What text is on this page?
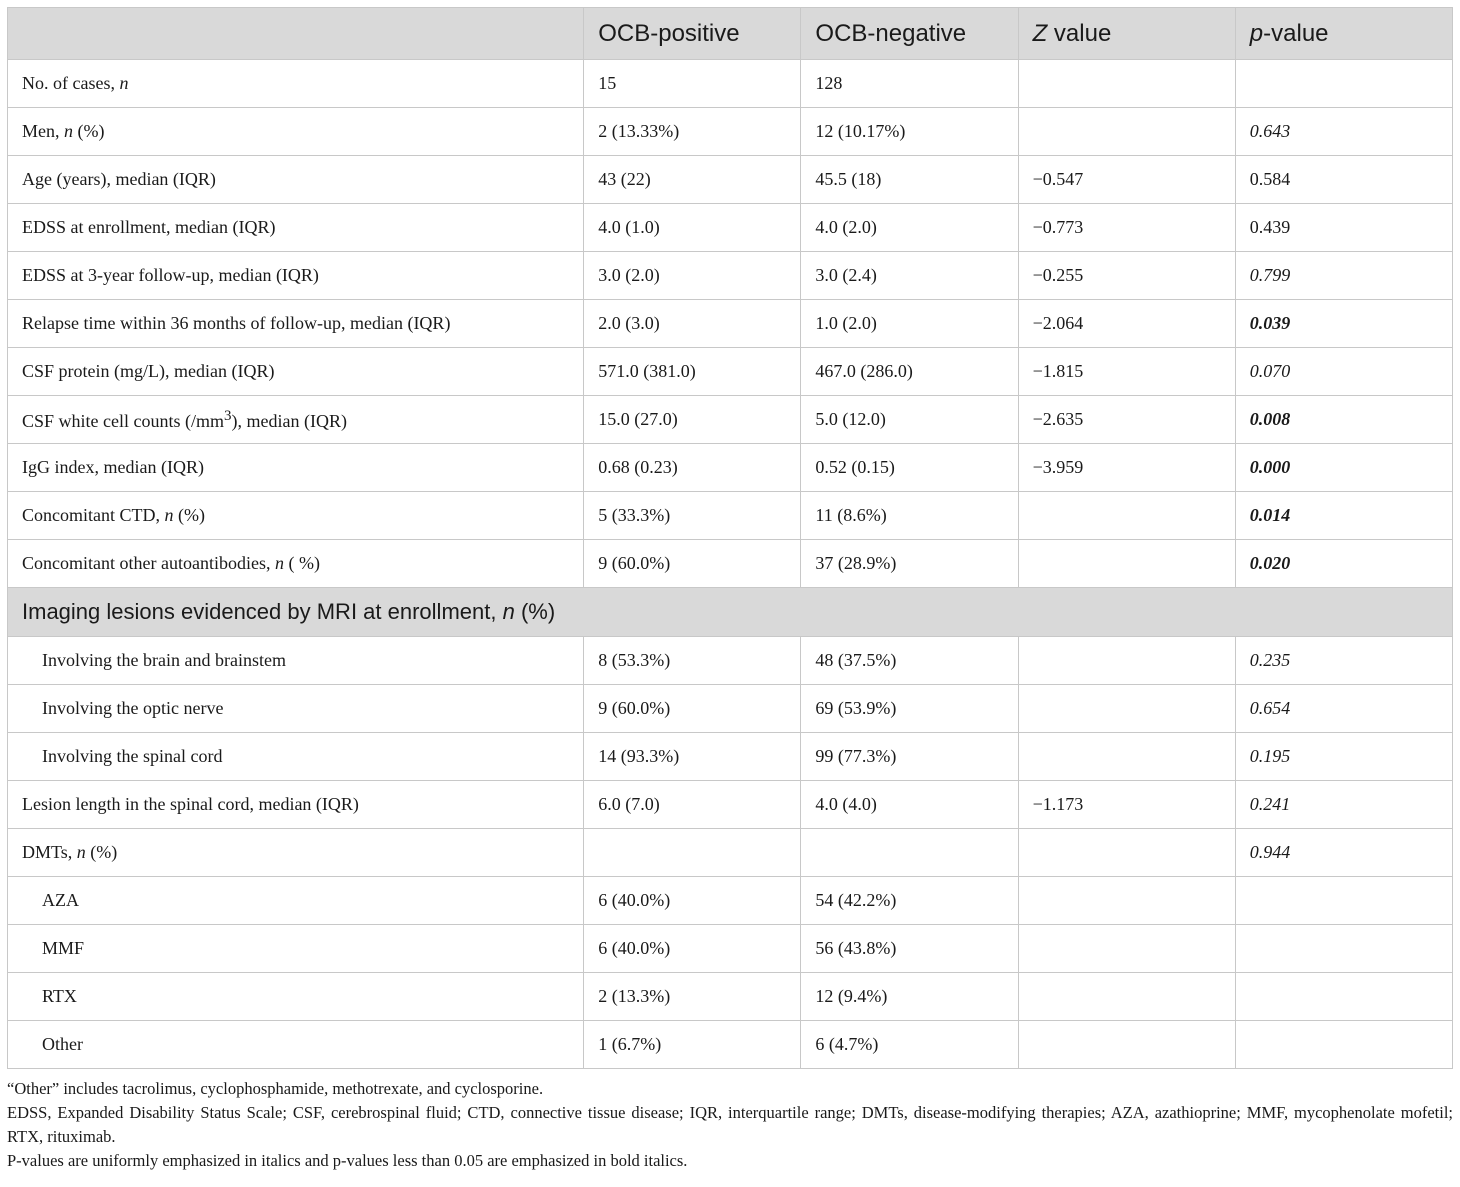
	OCB-positive	OCB-negative	Z value	p-value
No. of cases, n	15	128		
Men, n (%)	2 (13.33%)	12 (10.17%)		0.643
Age (years), median (IQR)	43 (22)	45.5 (18)	−0.547	0.584
EDSS at enrollment, median (IQR)	4.0 (1.0)	4.0 (2.0)	−0.773	0.439
EDSS at 3-year follow-up, median (IQR)	3.0 (2.0)	3.0 (2.4)	−0.255	0.799
Relapse time within 36 months of follow-up, median (IQR)	2.0 (3.0)	1.0 (2.0)	−2.064	0.039
CSF protein (mg/L), median (IQR)	571.0 (381.0)	467.0 (286.0)	−1.815	0.070
CSF white cell counts $(/mm^3)$, median (IQR)	15.0 (27.0)	5.0 (12.0)	−2.635	0.008
IgG index, median (IQR)	0.68 (0.23)	0.52 (0.15)	−3.959	0.000
Concomitant CTD, n (%)	5 (33.3%)	11 (8.6%)		0.014
Concomitant other autoantibodies, n ( %)	9 (60.0%)	37 (28.9%)		0.020
Imaging lesions evidenced by MRI at enrollment, n (%)				
Involving the brain and brainstem	8 (53.3%)	48 (37.5%)		0.235
Involving the optic nerve	9 (60.0%)	69 (53.9%)		0.654
Involving the spinal cord	14 (93.3%)	99 (77.3%)		0.195
Lesion length in the spinal cord, median (IQR)	6.0 (7.0)	4.0 (4.0)	−1.173	0.241
DMTs, n (%)				0.944
AZA	6 (40.0%)	54 (42.2%)		
MMF	6 (40.0%)	56 (43.8%)		
RTX	2 (13.3%)	12 (9.4%)		
Other	1 (6.7%)	6 (4.7%)		
“Other” includes tacrolimus, cyclophosphamide, methotrexate, and cyclosporine.
EDSS, Expanded Disability Status Scale; CSF, cerebrospinal fluid; CTD, connective tissue disease; IQR, interquartile range; DMTs, disease-modifying therapies; AZA, azathioprine; MMF, mycophenolate mofetil; RTX, rituximab.
P-values are uniformly emphasized in italics and p-values less than 0.05 are emphasized in bold italics.
